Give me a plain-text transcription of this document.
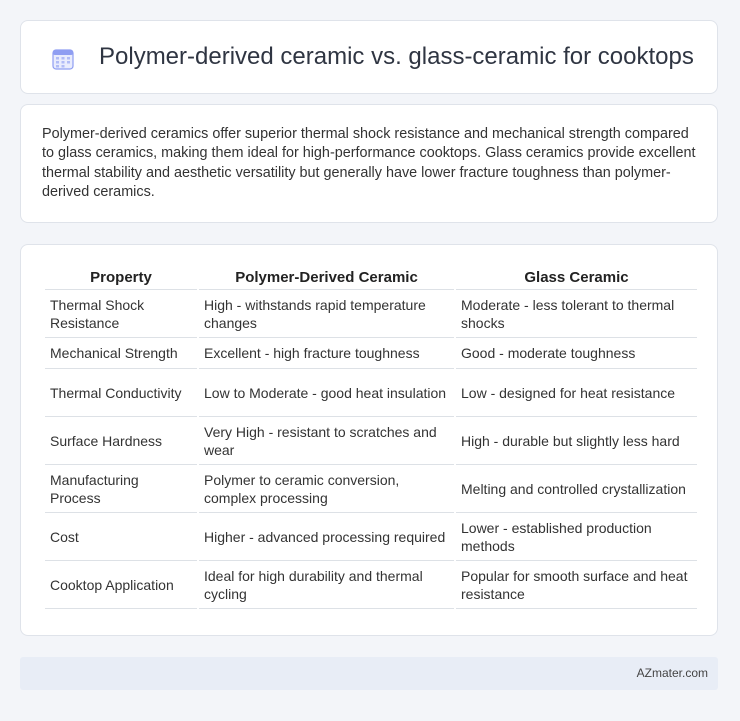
Polymer-derived ceramic vs. glass-ceramic for cooktops
Polymer-derived ceramics offer superior thermal shock resistance and mechanical strength compared to glass ceramics, making them ideal for high-performance cooktops. Glass ceramics provide excellent thermal stability and aesthetic versatility but generally have lower fracture toughness than polymer-derived ceramics.
Property	Polymer-Derived Ceramic	Glass Ceramic
Thermal Shock Resistance	High - withstands rapid temperature changes	Moderate - less tolerant to thermal shocks
Mechanical Strength	Excellent - high fracture toughness	Good - moderate toughness
Thermal Conductivity	Low to Moderate - good heat insulation	Low - designed for heat resistance
Surface Hardness	Very High - resistant to scratches and wear	High - durable but slightly less hard
Manufacturing Process	Polymer to ceramic conversion, complex processing	Melting and controlled crystallization
Cost	Higher - advanced processing required	Lower - established production methods
Cooktop Application	Ideal for high durability and thermal cycling	Popular for smooth surface and heat resistance
AZmater.com
